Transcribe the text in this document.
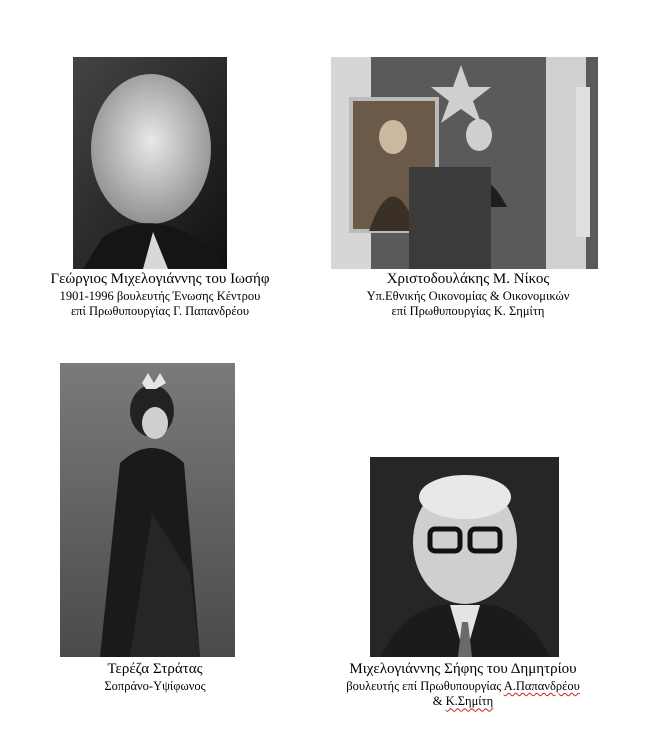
Γεώργιος Μιχελογιάννης του Ιωσήφ
1901-1996 βουλευτής Ένωσης Κέντρου
επί Πρωθυπουργίας Γ. Παπανδρέου
Χριστοδουλάκης Μ. Νίκος
Υπ.Εθνικής Οικονομίας & Οικονομικών
επί Πρωθυπουργίας Κ. Σημίτη
Τερέζα Στράτας
Σοπράνο-Υψίφωνος
Μιχελογιάννης Σήφης του Δημητρίου
βουλευτής επί Πρωθυπουργίας Α.Παπανδρέου
& Κ.Σημίτη
